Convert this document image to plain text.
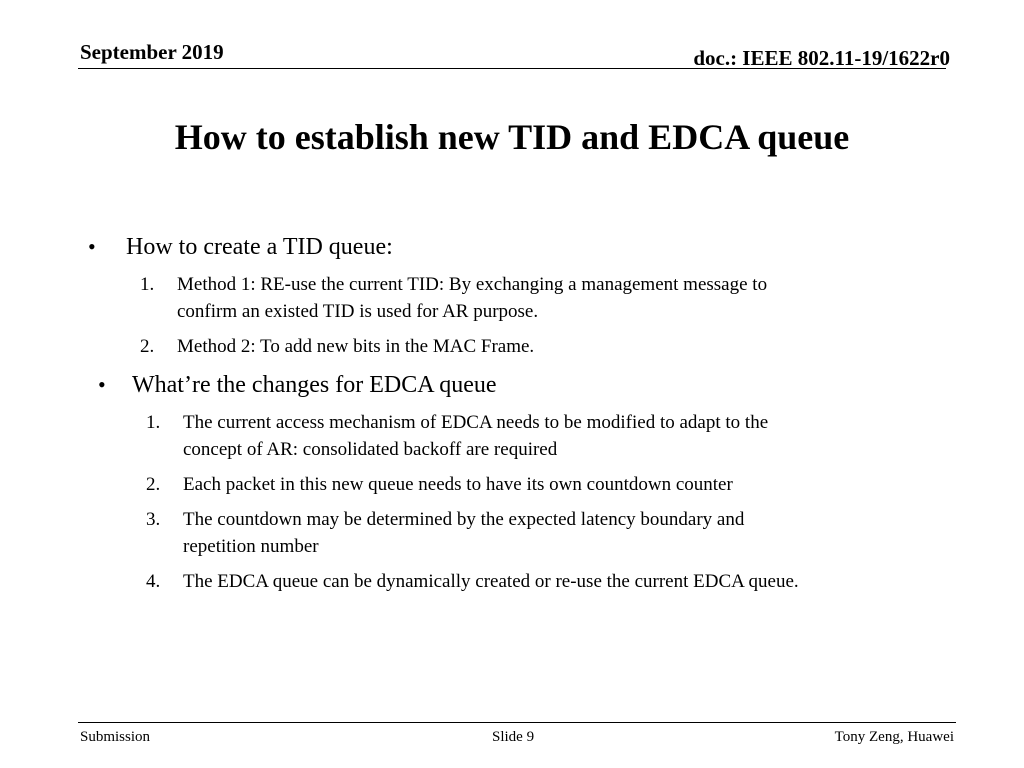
September 2019	doc.: IEEE 802.11-19/1622r0
How to establish new TID and EDCA queue
• How to create a TID queue:
1. Method 1: RE-use the current TID: By exchanging a management message to
confirm an existed TID is used for AR purpose.
2. Method 2: To add new bits in the MAC Frame.
• What’re the changes for EDCA queue
1. The current access mechanism of EDCA needs to be modified to adapt to the
concept of AR: consolidated backoff are required
2. Each packet in this new queue needs to have its own countdown counter
3. The countdown may be determined by the expected latency boundary and
repetition number
4. The EDCA queue can be dynamically created or re-use the current EDCA queue.
Submission	Slide 9	Tony Zeng, Huawei
